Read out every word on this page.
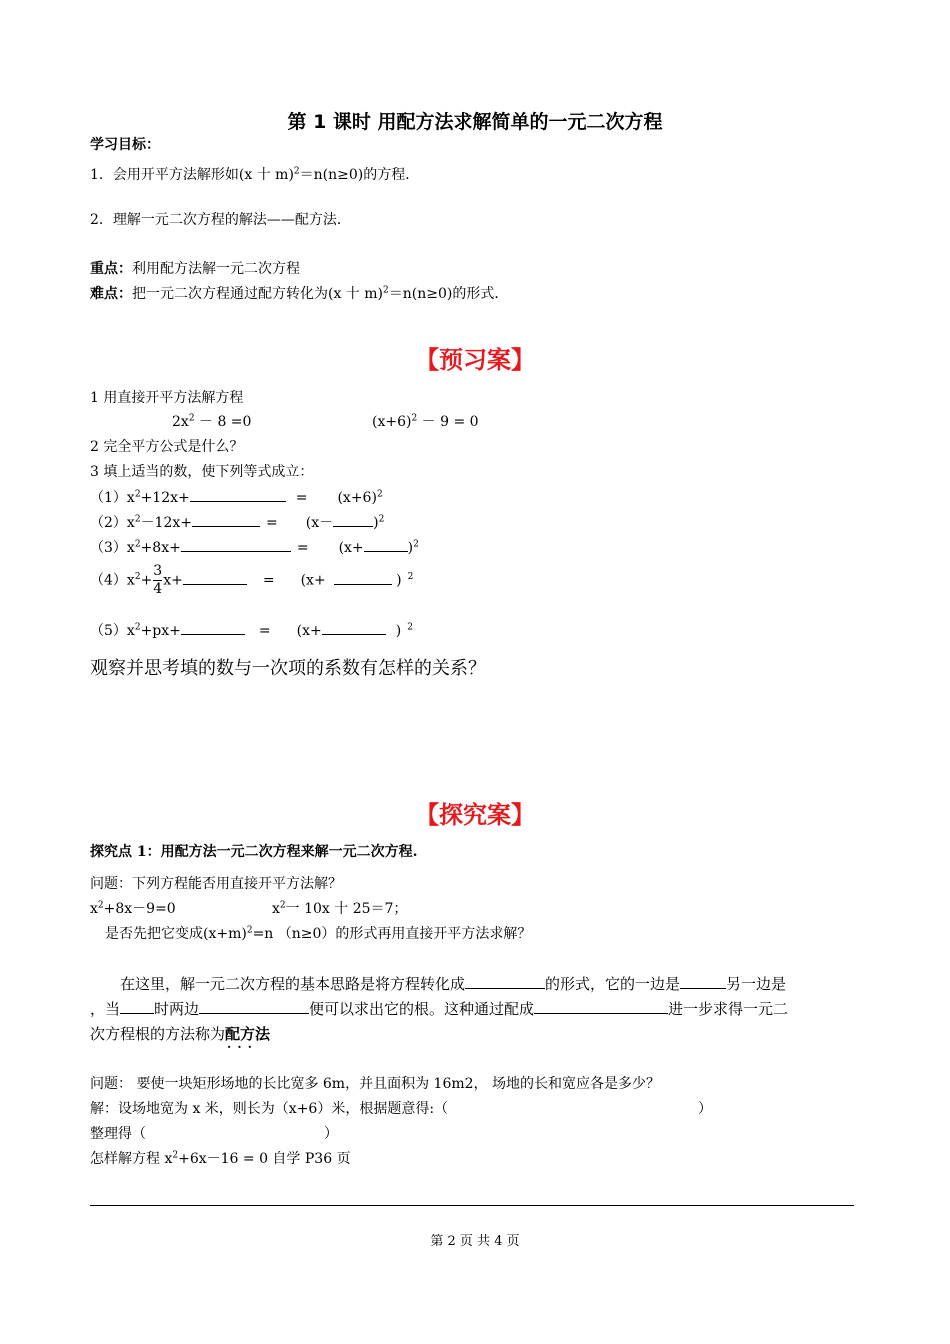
第 1 课时 用配方法求解简单的一元二次方程
学习目标：
1．会用开平方法解形如(x 十 m)$^2$＝n(n≥0)的方程．
2．理解一元二次方程的解法——配方法．
重点：利用配方法解一元二次方程
难点：把一元二次方程通过配方转化为(x 十 m)$^2$＝n(n≥0)的形式．
【预习案】
1 用直接开平方法解方程
$2x^2 - 8 =0$	$(x+6)^2 - 9 = 0$
2 完全平方公式是什么？
3 填上适当的数，使下列等式成立：
$(1)x^2+12x+$	= $(x+6)^2$
$(2)x^2-12x+$	= (x－	)$^2$
$(3)x^2+8x+$	= (x+	)$^2$
$(4)x^2+ \frac{3}{4} x+$	= (x+	) $^2$
$(5)x^2+px+$	= (x+	) $^2$
观察并思考填的数与一次项的系数有怎样的关系？
【探究案】
探究点 1：用配方法一元二次方程来解一元二次方程.
问题：下列方程能否用直接开平方法解？
$x^2+8x-9=0$	$x^2$一 10x 十 25＝7；
是否先把它变成$(x+m)^2=n$ （n≥0）的形式再用直接开平方法求解？
在这里，解一元二次方程的基本思路是将方程转化成	的形式，它的一边是	另一边是
，当 时两边	便可以求出它的根。这种通过配成	进一步求得一元二
次方程根的方法称为配方法 · · ·
问题： 要使一块矩形场地的长比宽多 6m，并且面积为 16m2， 场地的长和宽应各是多少？
解：设场地宽为 x 米，则长为（x+6）米，根据题意得:（	）
整理得（	）
怎样解方程 $x^2+6x-16 = 0$ 自学 P36 页
第 2 页 共 4 页
